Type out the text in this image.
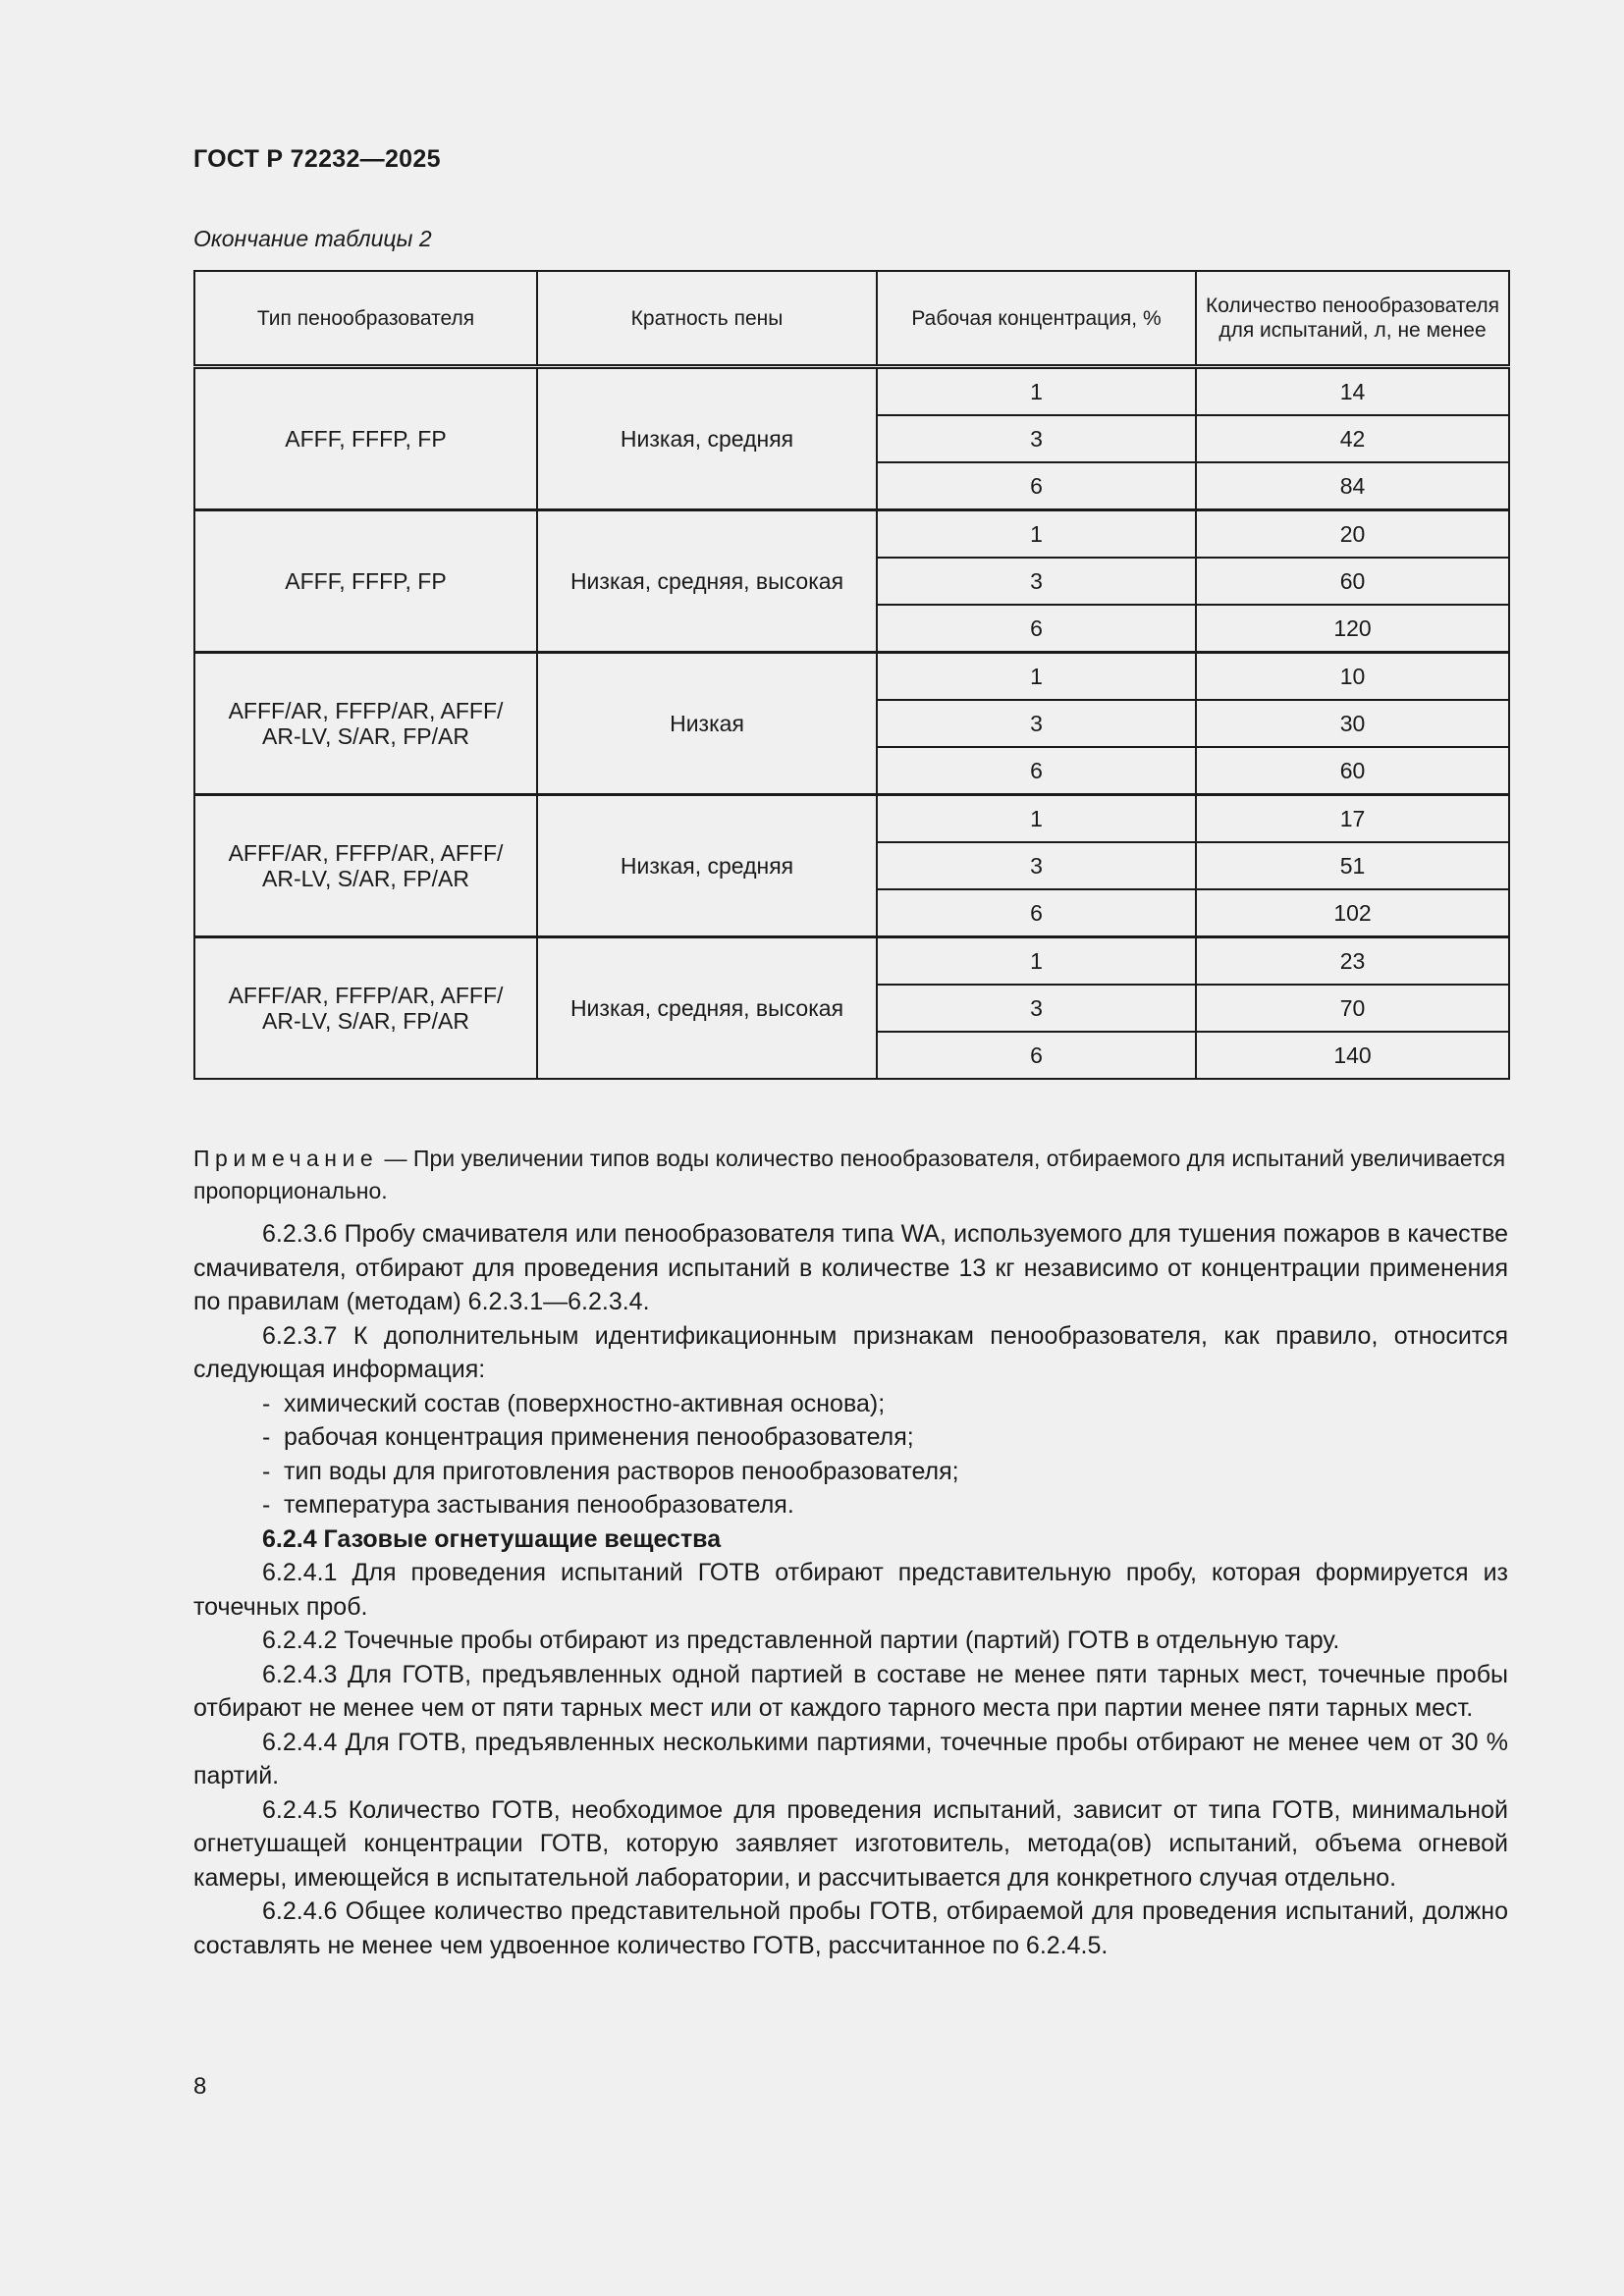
ГОСТ Р 72232—2025
Окончание таблицы 2
Тип пенообразователя	Кратность пены	Рабочая концентрация, %	Количество пенообразователя для испытаний, л, не менее
AFFF, FFFP, FP	Низкая, средняя	1	14
		3	42
		6	84
AFFF, FFFP, FP	Низкая, средняя, высокая	1	20
		3	60
		6	120
AFFF/AR, FFFP/AR, AFFF/ AR-LV, S/AR, FP/AR	Низкая	1	10
		3	30
		6	60
AFFF/AR, FFFP/AR, AFFF/ AR-LV, S/AR, FP/AR	Низкая, средняя	1	17
		3	51
		6	102
AFFF/AR, FFFP/AR, AFFF/ AR-LV, S/AR, FP/AR	Низкая, средняя, высокая	1	23
		3	70
		6	140
Примечание — При увеличении типов воды количество пенообразователя, отбираемого для испытаний увеличивается пропорционально.

6.2.3.6 Пробу смачивателя или пенообразователя типа WA, используемого для тушения пожаров в качестве смачивателя, отбирают для проведения испытаний в количестве 13 кг независимо от концентрации применения по правилам (методам) 6.2.3.1—6.2.3.4.

6.2.3.7 К дополнительным идентификационным признакам пенообразователя, как правило, относится следующая информация:

- химический состав (поверхностно-активная основа);

- рабочая концентрация применения пенообразователя;

- тип воды для приготовления растворов пенообразователя;

- температура застывания пенообразователя.

6.2.4 Газовые огнетушащие вещества

6.2.4.1 Для проведения испытаний ГОТВ отбирают представительную пробу, которая формируется из точечных проб.

6.2.4.2 Точечные пробы отбирают из представленной партии (партий) ГОТВ в отдельную тару.

6.2.4.3 Для ГОТВ, предъявленных одной партией в составе не менее пяти тарных мест, точечные пробы отбирают не менее чем от пяти тарных мест или от каждого тарного места при партии менее пяти тарных мест.

6.2.4.4 Для ГОТВ, предъявленных несколькими партиями, точечные пробы отбирают не менее чем от 30 % партий.

6.2.4.5 Количество ГОТВ, необходимое для проведения испытаний, зависит от типа ГОТВ, минимальной огнетушащей концентрации ГОТВ, которую заявляет изготовитель, метода(ов) испытаний, объема огневой камеры, имеющейся в испытательной лаборатории, и рассчитывается для конкретного случая отдельно.

6.2.4.6 Общее количество представительной пробы ГОТВ, отбираемой для проведения испытаний, должно составлять не менее чем удвоенное количество ГОТВ, рассчитанное по 6.2.4.5.

8
